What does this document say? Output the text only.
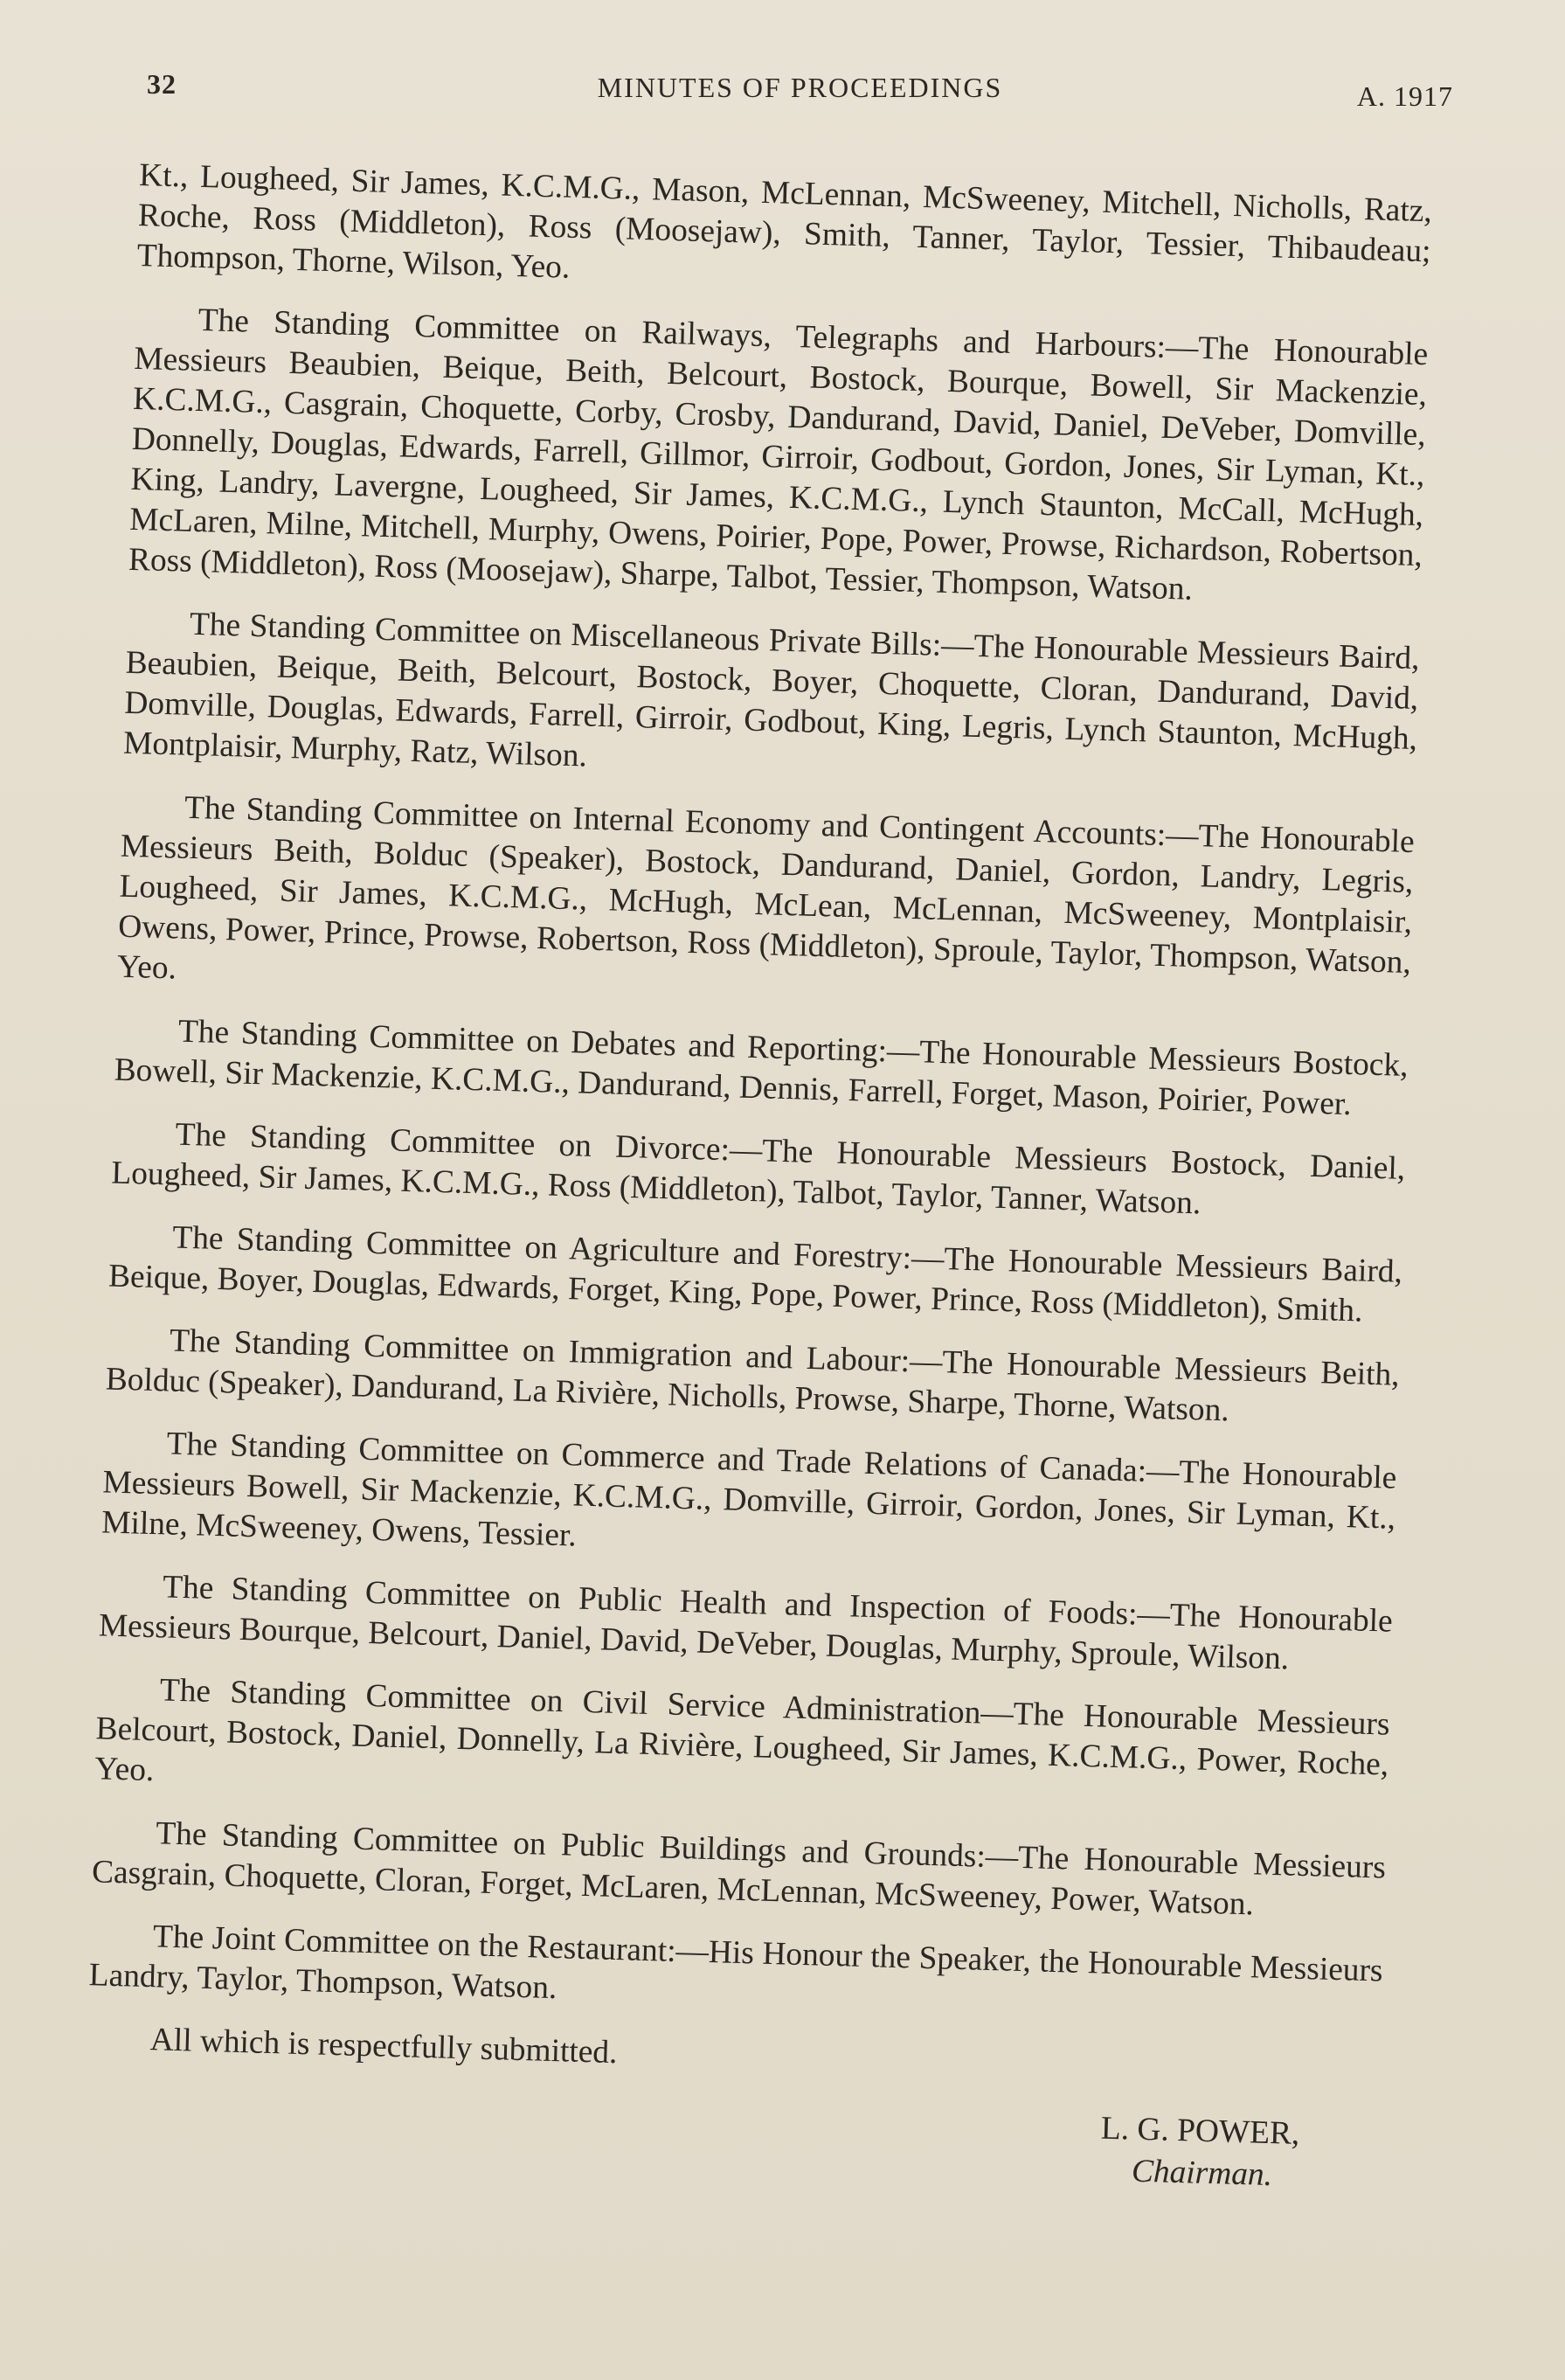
32	MINUTES OF PROCEEDINGS	A. 1917

Kt., Lougheed, Sir James, K.C.M.G., Mason, McLennan, McSweeney, Mitchell, Nicholls, Ratz, Roche, Ross (Middleton), Ross (Moosejaw), Smith, Tanner, Taylor, Tessier, Thibaudeau; Thompson, Thorne, Wilson, Yeo.

The Standing Committee on Railways, Telegraphs and Harbours:—The Honourable Messieurs Beaubien, Beique, Beith, Belcourt, Bostock, Bourque, Bowell, Sir Mackenzie, K.C.M.G., Casgrain, Choquette, Corby, Crosby, Dandurand, David, Daniel, DeVeber, Domville, Donnelly, Douglas, Edwards, Farrell, Gillmor, Girroir, Godbout, Gordon, Jones, Sir Lyman, Kt., King, Landry, Lavergne, Lougheed, Sir James, K.C.M.G., Lynch Staunton, McCall, McHugh, McLaren, Milne, Mitchell, Murphy, Owens, Poirier, Pope, Power, Prowse, Richardson, Robertson, Ross (Middleton), Ross (Moosejaw), Sharpe, Talbot, Tessier, Thompson, Watson.

The Standing Committee on Miscellaneous Private Bills:—The Honourable Messieurs Baird, Beaubien, Beique, Beith, Belcourt, Bostock, Boyer, Choquette, Cloran, Dandurand, David, Domville, Douglas, Edwards, Farrell, Girroir, Godbout, King, Legris, Lynch Staunton, McHugh, Montplaisir, Murphy, Ratz, Wilson.

The Standing Committee on Internal Economy and Contingent Accounts:—The Honourable Messieurs Beith, Bolduc (Speaker), Bostock, Dandurand, Daniel, Gordon, Landry, Legris, Lougheed, Sir James, K.C.M.G., McHugh, McLean, McLennan, McSweeney, Montplaisir, Owens, Power, Prince, Prowse, Robertson, Ross (Middleton), Sproule, Taylor, Thompson, Watson, Yeo.

The Standing Committee on Debates and Reporting:—The Honourable Messieurs Bostock, Bowell, Sir Mackenzie, K.C.M.G., Dandurand, Dennis, Farrell, Forget, Mason, Poirier, Power.

The Standing Committee on Divorce:—The Honourable Messieurs Bostock, Daniel, Lougheed, Sir James, K.C.M.G., Ross (Middleton), Talbot, Taylor, Tanner, Watson.

The Standing Committee on Agriculture and Forestry:—The Honourable Messieurs Baird, Beique, Boyer, Douglas, Edwards, Forget, King, Pope, Power, Prince, Ross (Middleton), Smith.

The Standing Committee on Immigration and Labour:—The Honourable Messieurs Beith, Bolduc (Speaker), Dandurand, La Rivière, Nicholls, Prowse, Sharpe, Thorne, Watson.

The Standing Committee on Commerce and Trade Relations of Canada:—The Honourable Messieurs Bowell, Sir Mackenzie, K.C.M.G., Domville, Girroir, Gordon, Jones, Sir Lyman, Kt., Milne, McSweeney, Owens, Tessier.

The Standing Committee on Public Health and Inspection of Foods:—The Honourable Messieurs Bourque, Belcourt, Daniel, David, DeVeber, Douglas, Murphy, Sproule, Wilson.

The Standing Committee on Civil Service Administration—The Honourable Messieurs Belcourt, Bostock, Daniel, Donnelly, La Rivière, Lougheed, Sir James, K.C.M.G., Power, Roche, Yeo.

The Standing Committee on Public Buildings and Grounds:—The Honourable Messieurs Casgrain, Choquette, Cloran, Forget, McLaren, McLennan, McSweeney, Power, Watson.

The Joint Committee on the Restaurant:—His Honour the Speaker, the Honourable Messieurs Landry, Taylor, Thompson, Watson.

All which is respectfully submitted.

L. G. POWER,
Chairman.
